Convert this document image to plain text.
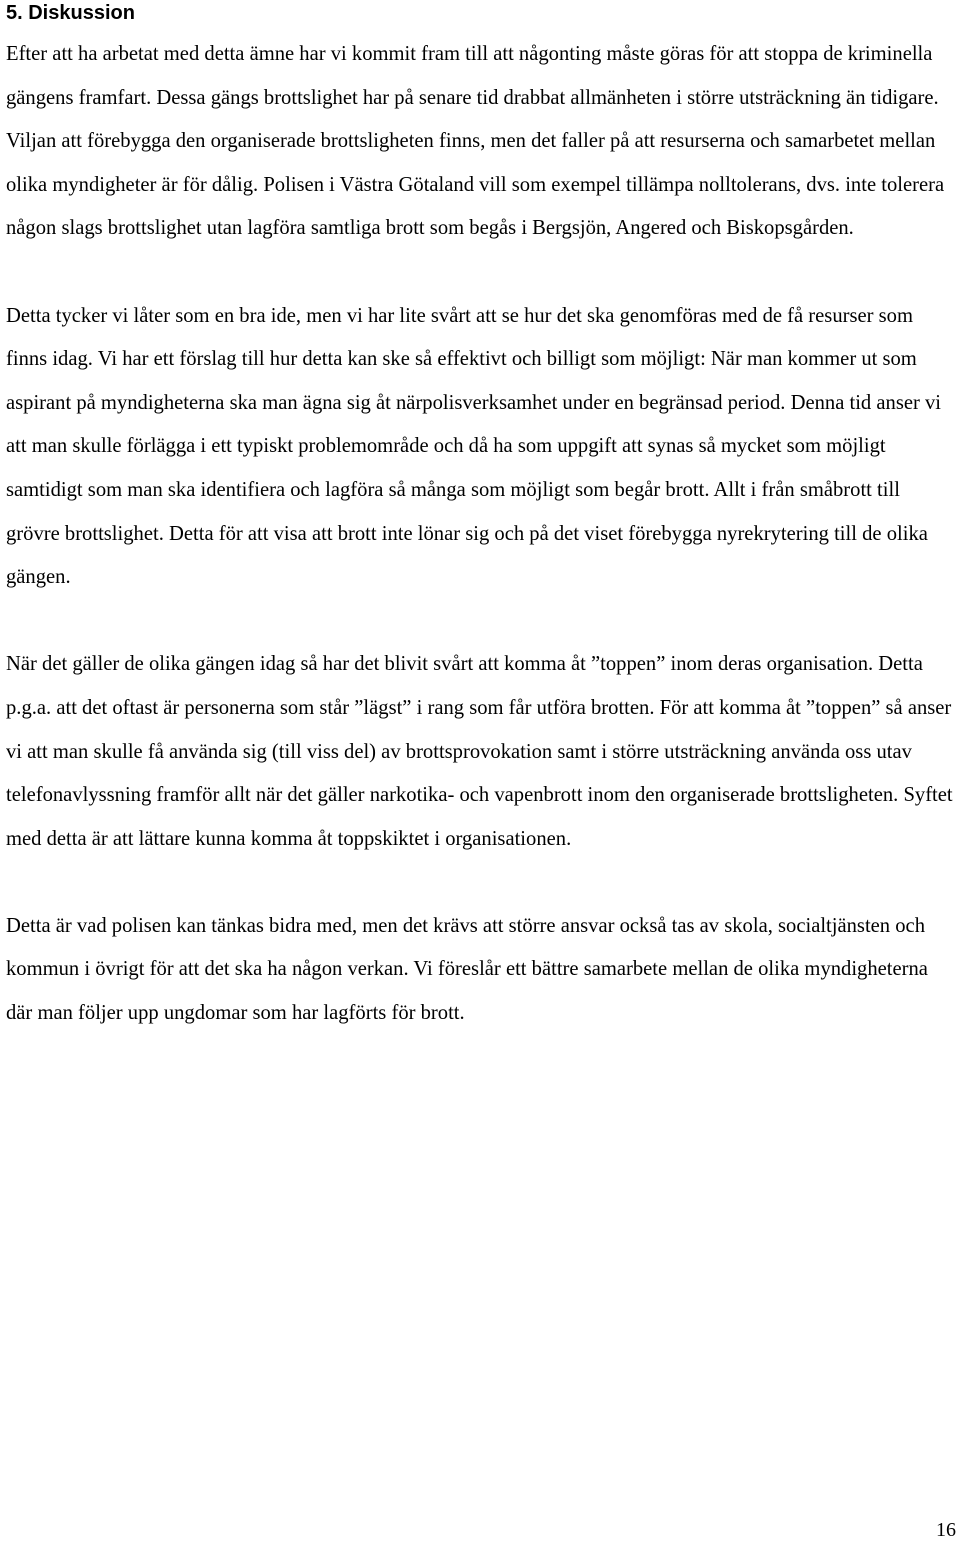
5. Diskussion

Efter att ha arbetat med detta ämne har vi kommit fram till att någonting måste göras för att stoppa de kriminella gängens framfart. Dessa gängs brottslighet har på senare tid drabbat allmänheten i större utsträckning än tidigare. Viljan att förebygga den organiserade brottsligheten finns, men det faller på att resurserna och samarbetet mellan olika myndigheter är för dålig. Polisen i Västra Götaland vill som exempel tillämpa nolltolerans, dvs. inte tolerera någon slags brottslighet utan lagföra samtliga brott som begås i Bergsjön, Angered och Biskopsgården.

Detta tycker vi låter som en bra ide, men vi har lite svårt att se hur det ska genomföras med de få resurser som finns idag. Vi har ett förslag till hur detta kan ske så effektivt och billigt som möjligt: När man kommer ut som aspirant på myndigheterna ska man ägna sig åt närpolisverksamhet under en begränsad period. Denna tid anser vi att man skulle förlägga i ett typiskt problemområde och då ha som uppgift att synas så mycket som möjligt samtidigt som man ska identifiera och lagföra så många som möjligt som begår brott. Allt i från småbrott till grövre brottslighet. Detta för att visa att brott inte lönar sig och på det viset förebygga nyrekrytering till de olika gängen.

När det gäller de olika gängen idag så har det blivit svårt att komma åt ”toppen” inom deras organisation. Detta p.g.a. att det oftast är personerna som står ”lägst” i rang som får utföra brotten. För att komma åt ”toppen” så anser vi att man skulle få använda sig (till viss del) av brottsprovokation samt i större utsträckning använda oss utav telefonavlyssning framför allt när det gäller narkotika- och vapenbrott inom den organiserade brottsligheten. Syftet med detta är att lättare kunna komma åt toppskiktet i organisationen.

Detta är vad polisen kan tänkas bidra med, men det krävs att större ansvar också tas av skola, socialtjänsten och kommun i övrigt för att det ska ha någon verkan. Vi föreslår ett bättre samarbete mellan de olika myndigheterna där man följer upp ungdomar som har lagförts för brott.

16
